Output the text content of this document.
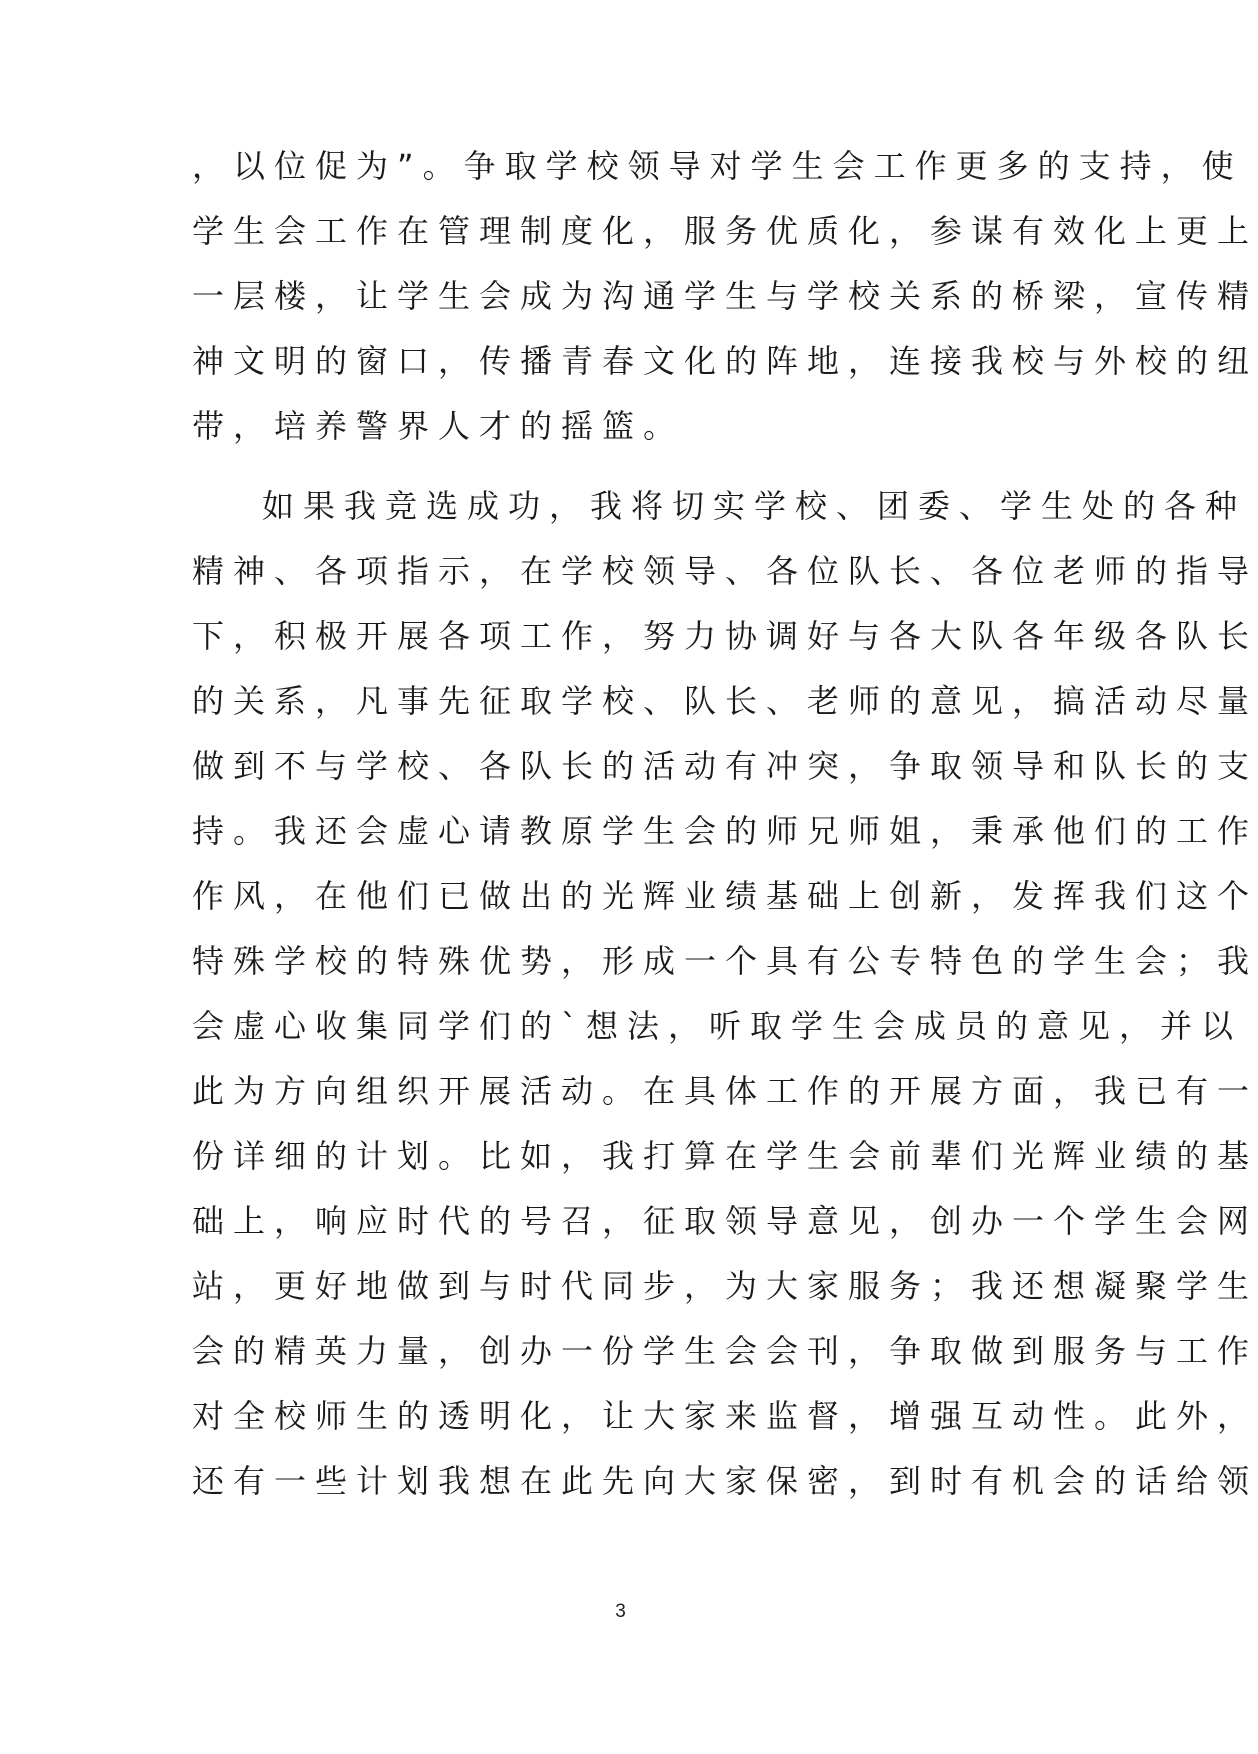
，以位促为”。争取学校领导对学生会工作更多的支持，使
学生会工作在管理制度化，服务优质化，参谋有效化上更上
一层楼，让学生会成为沟通学生与学校关系的桥梁，宣传精
神文明的窗口，传播青春文化的阵地，连接我校与外校的纽
带，培养警界人才的摇篮。
如果我竞选成功，我将切实学校、团委、学生处的各种
精神、各项指示，在学校领导、各位队长、各位老师的指导
下，积极开展各项工作，努力协调好与各大队各年级各队长
的关系，凡事先征取学校、队长、老师的意见，搞活动尽量
做到不与学校、各队长的活动有冲突，争取领导和队长的支
持。我还会虚心请教原学生会的师兄师姐，秉承他们的工作
作风，在他们已做出的光辉业绩基础上创新，发挥我们这个
特殊学校的特殊优势，形成一个具有公专特色的学生会；我
会虚心收集同学们的`想法，听取学生会成员的意见，并以
此为方向组织开展活动。在具体工作的开展方面，我已有一
份详细的计划。比如，我打算在学生会前辈们光辉业绩的基
础上，响应时代的号召，征取领导意见，创办一个学生会网
站，更好地做到与时代同步，为大家服务；我还想凝聚学生
会的精英力量，创办一份学生会会刊，争取做到服务与工作
对全校师生的透明化，让大家来监督，增强互动性。此外，
还有一些计划我想在此先向大家保密，到时有机会的话给领
3
